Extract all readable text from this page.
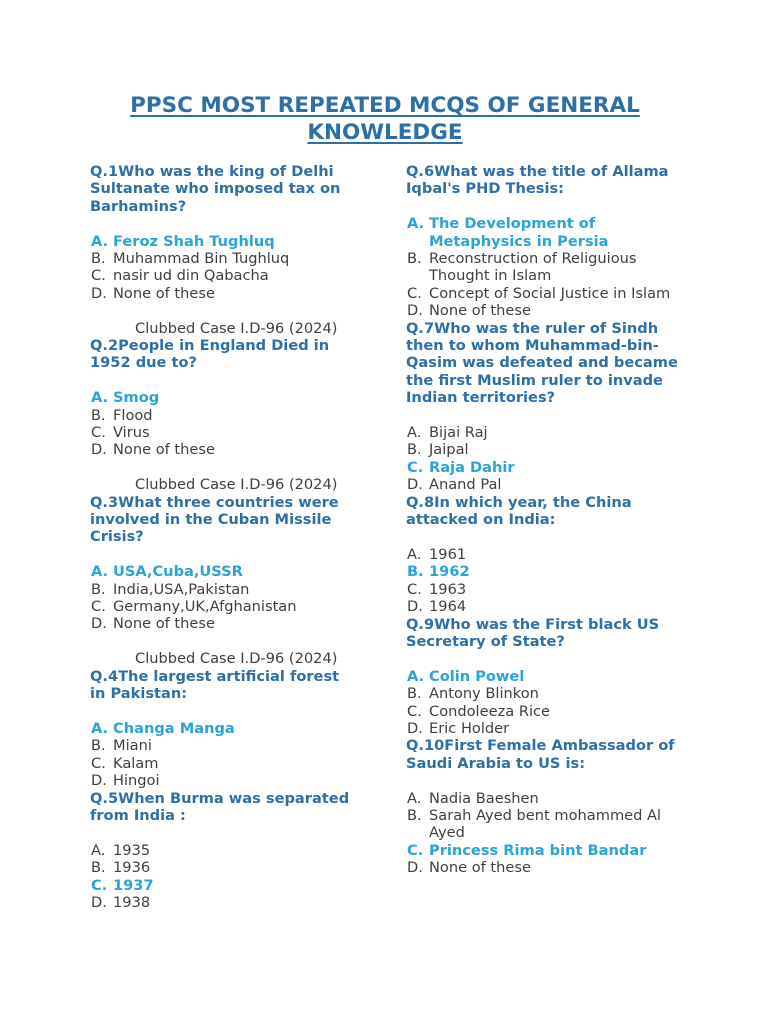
PPSC MOST REPEATED MCQS OF GENERAL KNOWLEDGE

Q.1Who was the king of Delhi Sultanate who imposed tax on Barhamins?

A. Feroz Shah Tughluq
B. Muhammad Bin Tughluq
C. nasir ud din Qabacha
D. None of these
Clubbed Case I.D-96 (2024)

Q.2People in England Died in 1952 due to?

A. Smog
B. Flood
C. Virus
D. None of these
Clubbed Case I.D-96 (2024)

Q.3What three countries were involved in the Cuban Missile Crisis?

A. USA,Cuba,USSR
B. India,USA,Pakistan
C. Germany,UK,Afghanistan
D. None of these
Clubbed Case I.D-96 (2024)

Q.4The largest artificial forest in Pakistan:

A. Changa Manga
B. Miani
C. Kalam
D. Hingoi

Q.5When Burma was separated from India :

A. 1935
B. 1936
C. 1937
D. 1938

Q.6What was the title of Allama Iqbal's PHD Thesis:

A. The Development of Metaphysics in Persia
B. Reconstruction of Religuious Thought in Islam
C. Concept of Social Justice in Islam
D. None of these

Q.7Who was the ruler of Sindh then to whom Muhammad-bin-Qasim was defeated and became the first Muslim ruler to invade Indian territories?

A. Bijai Raj
B. Jaipal
C. Raja Dahir
D. Anand Pal

Q.8In which year, the China attacked on India:

A. 1961
B. 1962
C. 1963
D. 1964

Q.9Who was the First black US Secretary of State?

A. Colin Powel
B. Antony Blinkon
C. Condoleeza Rice
D. Eric Holder

Q.10First Female Ambassador of Saudi Arabia to US is:

A. Nadia Baeshen
B. Sarah Ayed bent mohammed Al Ayed
C. Princess Rima bint Bandar
D. None of these
